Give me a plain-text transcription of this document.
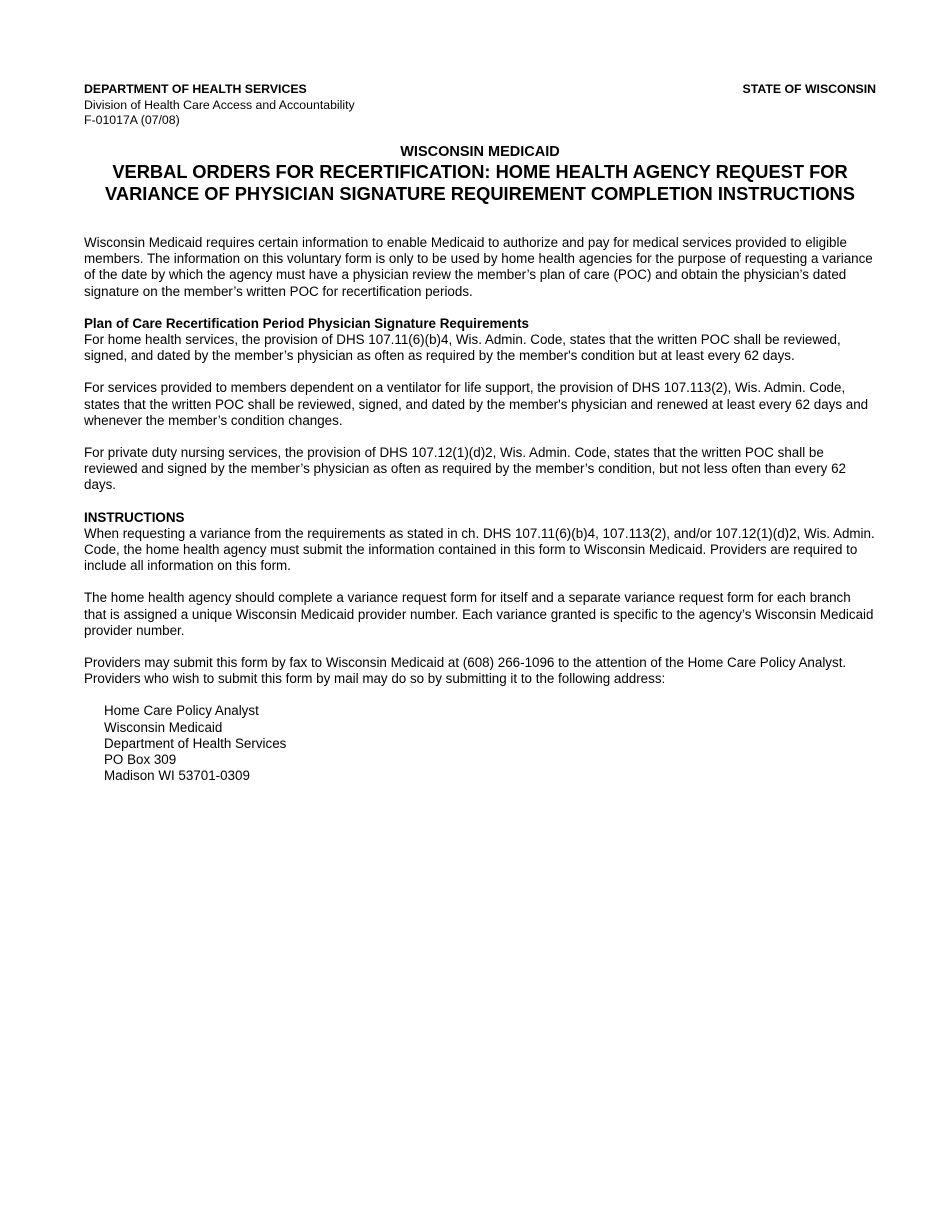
DEPARTMENT OF HEALTH SERVICES
Division of Health Care Access and Accountability
F-01017A (07/08)
STATE OF WISCONSIN
WISCONSIN MEDICAID
VERBAL ORDERS FOR RECERTIFICATION: HOME HEALTH AGENCY REQUEST FOR
VARIANCE OF PHYSICIAN SIGNATURE REQUIREMENT COMPLETION INSTRUCTIONS

Wisconsin Medicaid requires certain information to enable Medicaid to authorize and pay for medical services provided to eligible members. The information on this voluntary form is only to be used by home health agencies for the purpose of requesting a variance of the date by which the agency must have a physician review the member’s plan of care (POC) and obtain the physician’s dated signature on the member’s written POC for recertification periods.

Plan of Care Recertification Period Physician Signature Requirements

For home health services, the provision of DHS 107.11(6)(b)4, Wis. Admin. Code, states that the written POC shall be reviewed, signed, and dated by the member’s physician as often as required by the member's condition but at least every 62 days.

For services provided to members dependent on a ventilator for life support, the provision of DHS 107.113(2), Wis. Admin. Code, states that the written POC shall be reviewed, signed, and dated by the member's physician and renewed at least every 62 days and whenever the member’s condition changes.

For private duty nursing services, the provision of DHS 107.12(1)(d)2, Wis. Admin. Code, states that the written POC shall be reviewed and signed by the member’s physician as often as required by the member’s condition, but not less often than every 62 days.

INSTRUCTIONS

When requesting a variance from the requirements as stated in ch. DHS 107.11(6)(b)4, 107.113(2), and/or 107.12(1)(d)2, Wis. Admin. Code, the home health agency must submit the information contained in this form to Wisconsin Medicaid. Providers are required to include all information on this form.

The home health agency should complete a variance request form for itself and a separate variance request form for each branch that is assigned a unique Wisconsin Medicaid provider number. Each variance granted is specific to the agency’s Wisconsin Medicaid provider number.

Providers may submit this form by fax to Wisconsin Medicaid at (608) 266-1096 to the attention of the Home Care Policy Analyst. Providers who wish to submit this form by mail may do so by submitting it to the following address:

Home Care Policy Analyst
Wisconsin Medicaid
Department of Health Services
PO Box 309
Madison WI 53701-0309
